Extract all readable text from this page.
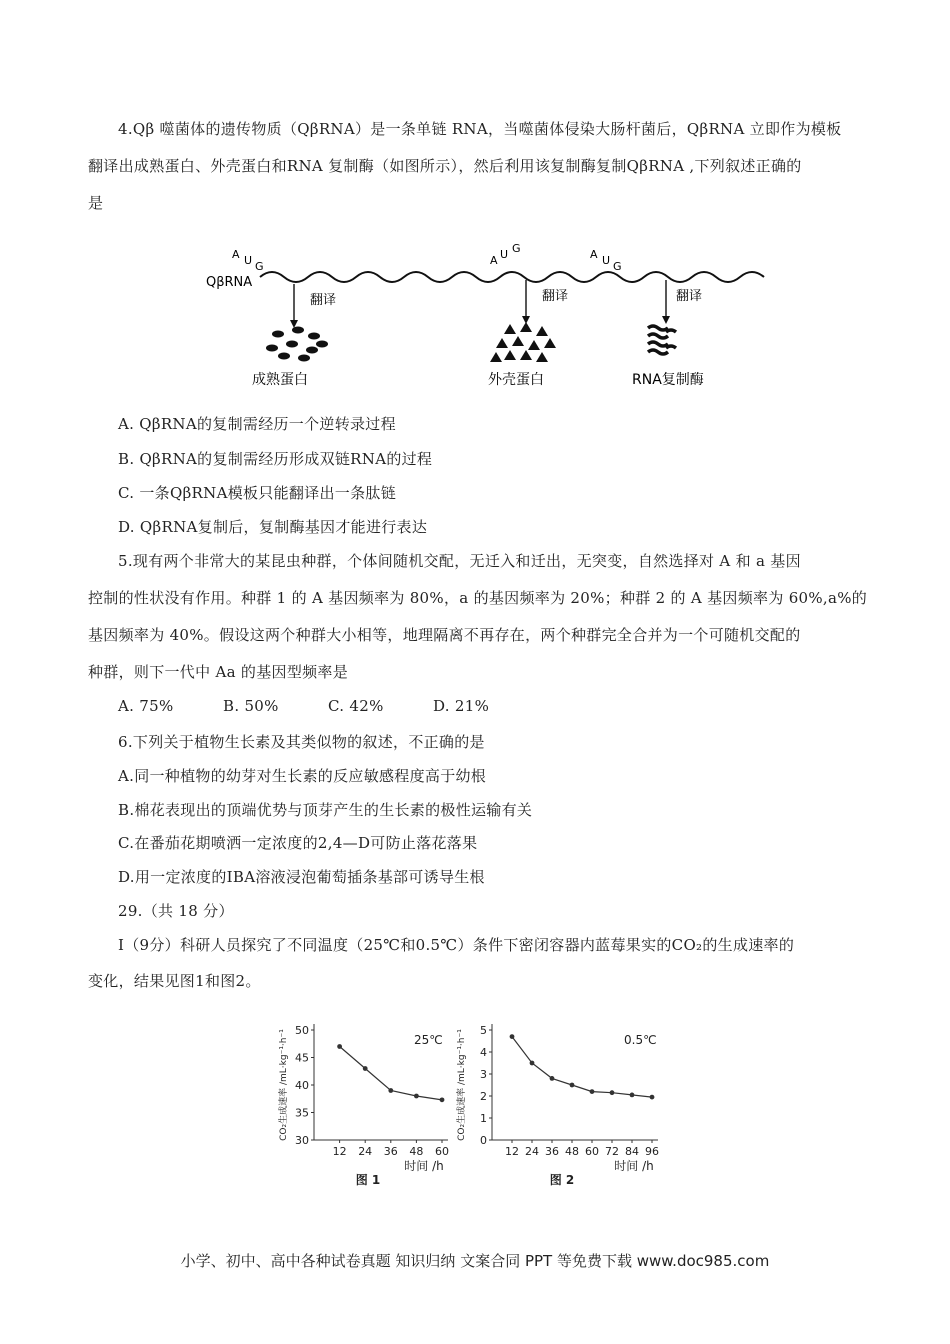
4.Qβ 噬菌体的遗传物质（QβRNA）是一条单链 RNA，当噬菌体侵染大肠杆菌后，QβRNA 立即作为模板
翻译出成熟蛋白、外壳蛋白和RNA 复制酶（如图所示），然后利用该复制酶复制QβRNA ,下列叙述正确的
是
QβRNA
A U G	A U G	A U G
翻译	翻译	翻译
成熟蛋白	外壳蛋白	RNA复制酶
A. QβRNA的复制需经历一个逆转录过程
B. QβRNA的复制需经历形成双链RNA的过程
C. 一条QβRNA模板只能翻译出一条肽链
D. QβRNA复制后，复制酶基因才能进行表达
5.现有两个非常大的某昆虫种群，个体间随机交配，无迁入和迁出，无突变，自然选择对 A 和 a 基因
控制的性状没有作用。种群 1 的 A 基因频率为 80%，a 的基因频率为 20%；种群 2 的 A 基因频率为 60%,a%的
基因频率为 40%。假设这两个种群大小相等，地理隔离不再存在，两个种群完全合并为一个可随机交配的
种群，则下一代中 Aa 的基因型频率是
A. 75%	B. 50%	C. 42%	D. 21%
6.下列关于植物生长素及其类似物的叙述，不正确的是
A.同一种植物的幼芽对生长素的反应敏感程度高于幼根
B.棉花表现出的顶端优势与顶芽产生的生长素的极性运输有关
C.在番茄花期喷洒一定浓度的2,4—D可防止落花落果
D.用一定浓度的IBA溶液浸泡葡萄插条基部可诱导生根
29.（共 18 分）
Ⅰ（9分）科研人员探究了不同温度（25℃和0.5℃）条件下密闭容器内蓝莓果实的CO₂的生成速率的
变化，结果见图1和图2。
30
35
40
45
50
12 24 36 48 60
25℃
时间 /h
CO₂生成速率 /mL·kg⁻¹·h⁻¹
图 1
0
1
2
3
4
5
12 24 36 48 60 72 84 96
0.5℃
时间 /h
CO₂生成速率 /mL·kg⁻¹·h⁻¹
图 2
小学、初中、高中各种试卷真题 知识归纳 文案合同 PPT 等免费下载 www.doc985.com
